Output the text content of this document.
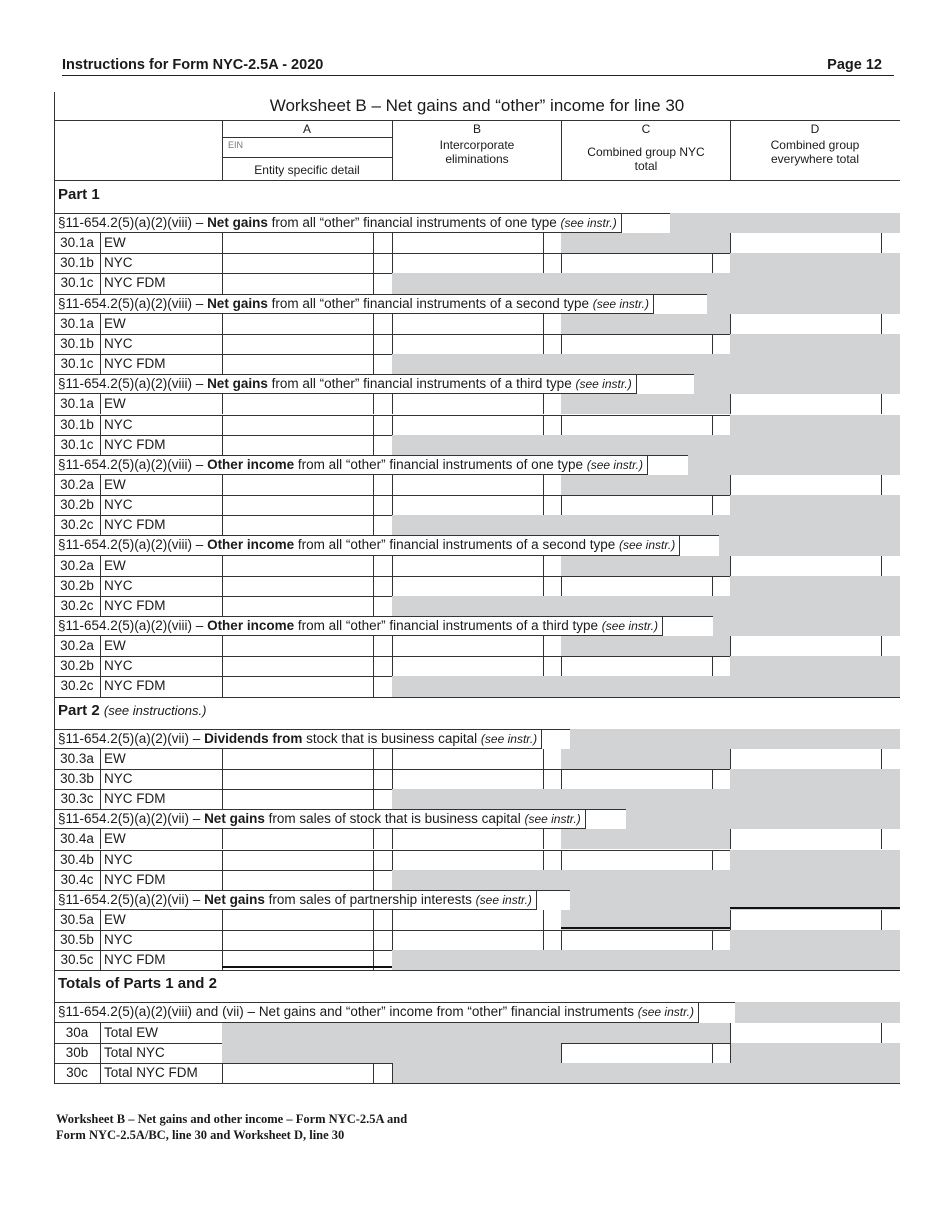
Instructions for Form NYC-2.5A - 2020	Page 12
Worksheet B – Net gains and “other” income for line 30
A
EIN
Entity specific detail
B
Intercorporate eliminations
C
Combined group NYC total
D
Combined group everywhere total
Part 1
§11-654.2(5)(a)(2)(viii) – Net gains from all “other” financial instruments of one type (see instr.)
30.1a EW
30.1b NYC
30.1c NYC FDM
§11-654.2(5)(a)(2)(viii) – Net gains from all “other” financial instruments of a second type (see instr.)
30.1a EW
30.1b NYC
30.1c NYC FDM
§11-654.2(5)(a)(2)(viii) – Net gains from all “other” financial instruments of a third type (see instr.)
30.1a EW
30.1b NYC
30.1c NYC FDM
§11-654.2(5)(a)(2)(viii) – Other income from all “other” financial instruments of one type (see instr.)
30.2a EW
30.2b NYC
30.2c NYC FDM
§11-654.2(5)(a)(2)(viii) – Other income from all “other” financial instruments of a second type (see instr.)
30.2a EW
30.2b NYC
30.2c NYC FDM
§11-654.2(5)(a)(2)(viii) – Other income from all “other” financial instruments of a third type (see instr.)
30.2a EW
30.2b NYC
30.2c NYC FDM
Part 2 (see instructions.)
§11-654.2(5)(a)(2)(vii) – Dividends from stock that is business capital (see instr.)
30.3a EW
30.3b NYC
30.3c NYC FDM
§11-654.2(5)(a)(2)(vii) – Net gains from sales of stock that is business capital (see instr.)
30.4a EW
30.4b NYC
30.4c NYC FDM
§11-654.2(5)(a)(2)(vii) – Net gains from sales of partnership interests (see instr.)
30.5a EW
30.5b NYC
30.5c NYC FDM
Totals of Parts 1 and 2
§11-654.2(5)(a)(2)(viii) and (vii) – Net gains and “other” income from “other” financial instruments (see instr.)
30a	Total EW
30b	Total NYC
30c	Total NYC FDM
Worksheet B – Net gains and other income – Form NYC-2.5A and
Form NYC-2.5A/BC, line 30 and Worksheet D, line 30
